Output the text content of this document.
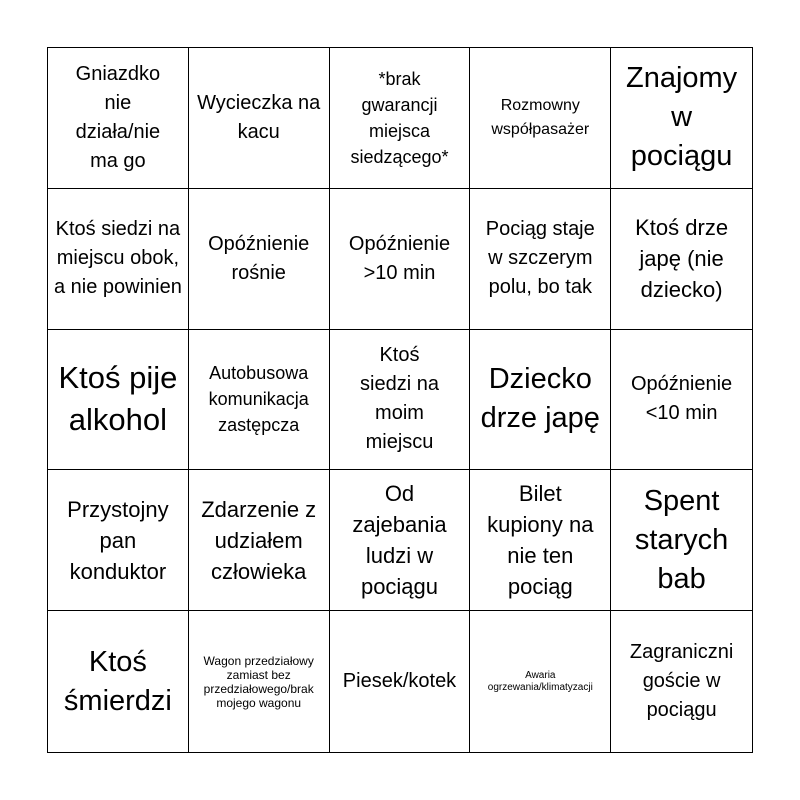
Gniazdko nie działa/nie ma go
Wycieczka na kacu
*brak gwarancji miejsca siedzącego*
Rozmowny współpasażer
Znajomy w pociągu
Ktoś siedzi na miejscu obok, a nie powinien
Opóźnienie rośnie
Opóźnienie >10 min
Pociąg staje w szczerym polu, bo tak
Ktoś drze japę (nie dziecko)
Ktoś pije alkohol
Autobusowa komunikacja zastępcza
Ktoś siedzi na moim miejscu
Dziecko drze japę
Opóźnienie <10 min
Przystojny pan konduktor
Zdarzenie z udziałem człowieka
Od zajebania ludzi w pociągu
Bilet kupiony na nie ten pociąg
Spent starych bab
Ktoś śmierdzi
Wagon przedziałowy zamiast bez przedziałowego/brak mojego wagonu
Piesek/kotek	Awaria ogrzewania/klimatyzacji
Zagraniczni goście w pociągu
